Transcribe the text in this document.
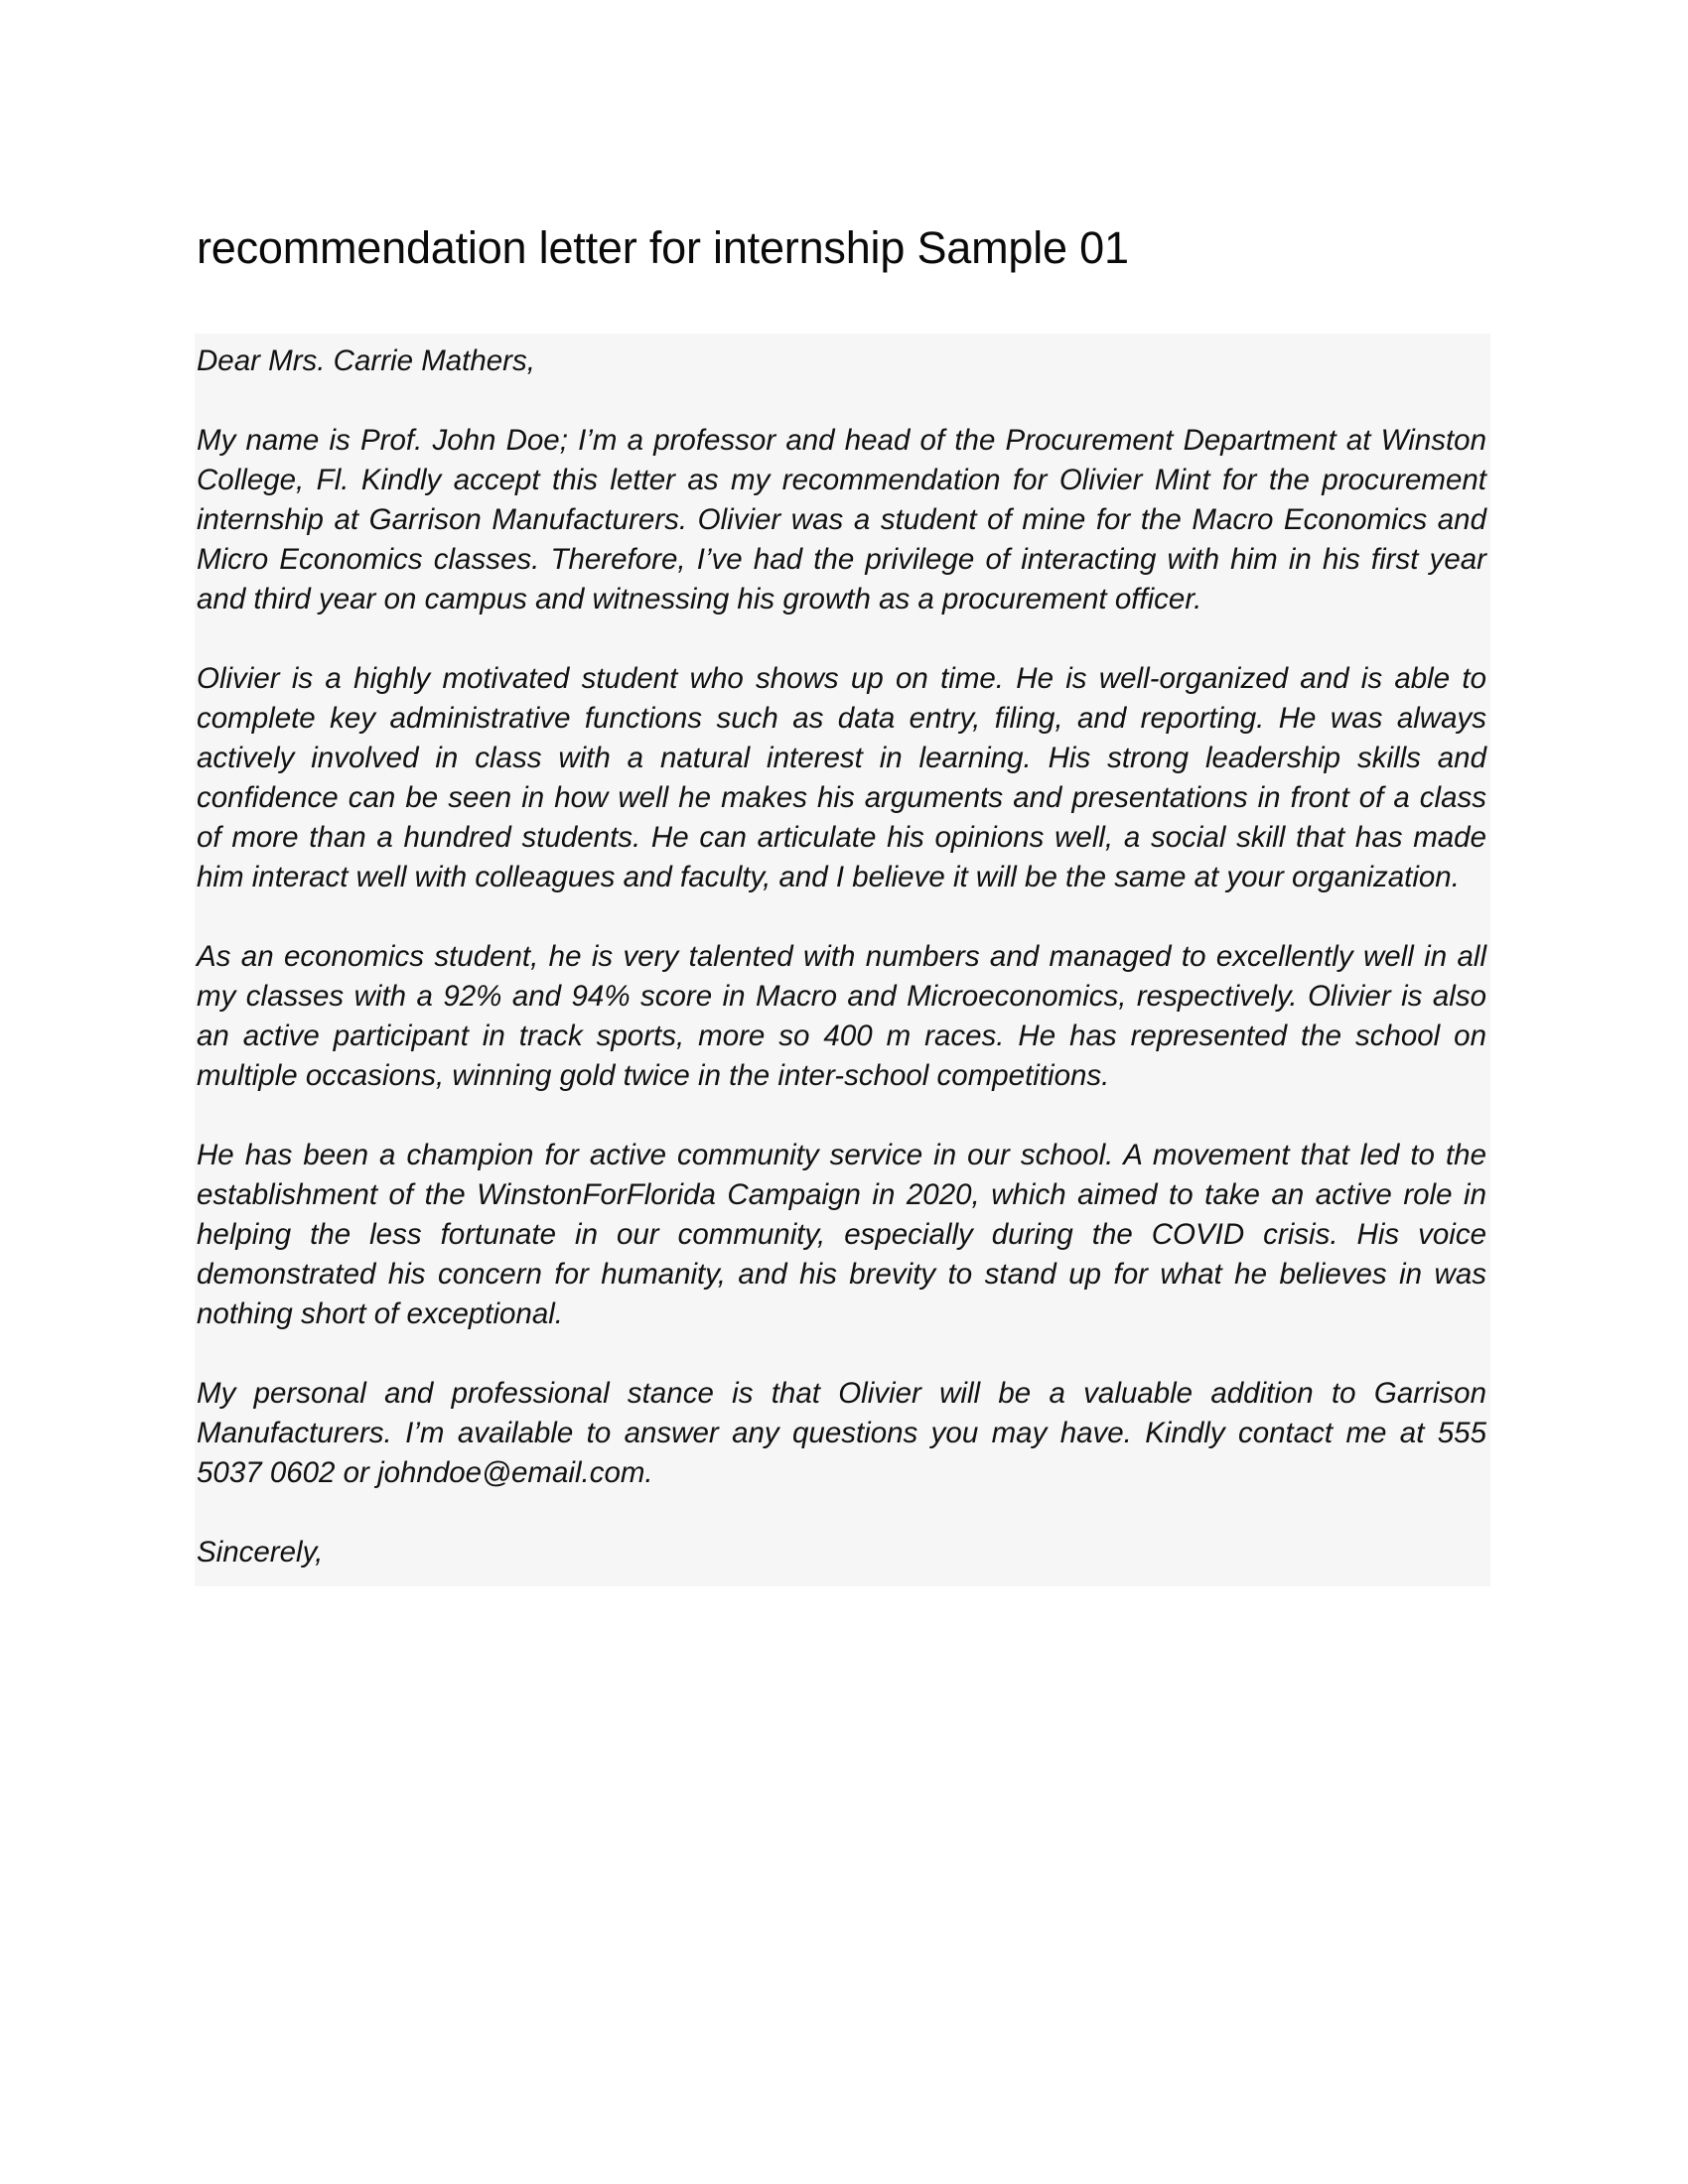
recommendation letter for internship Sample 01

Dear Mrs. Carrie Mathers,

My name is Prof. John Doe; I’m a professor and head of the Procurement Department at Winston College, Fl. Kindly accept this letter as my recommendation for Olivier Mint for the procurement internship at Garrison Manufacturers. Olivier was a student of mine for the Macro Economics and Micro Economics classes. Therefore, I’ve had the privilege of interacting with him in his first year and third year on campus and witnessing his growth as a procurement officer.

Olivier is a highly motivated student who shows up on time. He is well-organized and is able to complete key administrative functions such as data entry, filing, and reporting. He was always actively involved in class with a natural interest in learning. His strong leadership skills and confidence can be seen in how well he makes his arguments and presentations in front of a class of more than a hundred students. He can articulate his opinions well, a social skill that has made him interact well with colleagues and faculty, and I believe it will be the same at your organization.

As an economics student, he is very talented with numbers and managed to excellently well in all my classes with a 92% and 94% score in Macro and Microeconomics, respectively. Olivier is also an active participant in track sports, more so 400 m races. He has represented the school on multiple occasions, winning gold twice in the inter-school competitions.

He has been a champion for active community service in our school. A movement that led to the establishment of the WinstonForFlorida Campaign in 2020, which aimed to take an active role in helping the less fortunate in our community, especially during the COVID crisis. His voice demonstrated his concern for humanity, and his brevity to stand up for what he believes in was nothing short of exceptional.

My personal and professional stance is that Olivier will be a valuable addition to Garrison Manufacturers. I’m available to answer any questions you may have. Kindly contact me at 555 5037 0602 or johndoe@email.com.

Sincerely,
